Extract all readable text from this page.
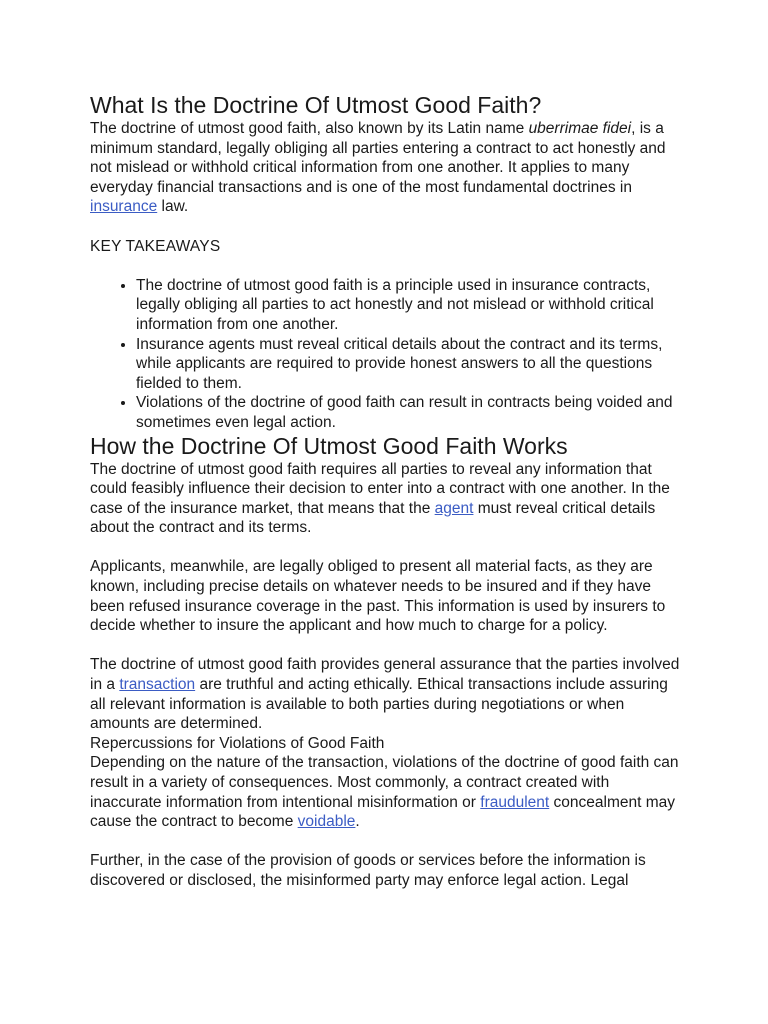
What Is the Doctrine Of Utmost Good Faith?

The doctrine of utmost good faith, also known by its Latin name uberrimae fidei, is a minimum standard, legally obliging all parties entering a contract to act honestly and not mislead or withhold critical information from one another. It applies to many everyday financial transactions and is one of the most fundamental doctrines in insurance law.

KEY TAKEAWAYS
• The doctrine of utmost good faith is a principle used in insurance contracts, legally obliging all parties to act honestly and not mislead or withhold critical information from one another.
• Insurance agents must reveal critical details about the contract and its terms, while applicants are required to provide honest answers to all the questions fielded to them.
• Violations of the doctrine of good faith can result in contracts being voided and sometimes even legal action.
How the Doctrine Of Utmost Good Faith Works

The doctrine of utmost good faith requires all parties to reveal any information that could feasibly influence their decision to enter into a contract with one another. In the case of the insurance market, that means that the agent must reveal critical details about the contract and its terms.

Applicants, meanwhile, are legally obliged to present all material facts, as they are known, including precise details on whatever needs to be insured and if they have been refused insurance coverage in the past. This information is used by insurers to decide whether to insure the applicant and how much to charge for a policy.

The doctrine of utmost good faith provides general assurance that the parties involved in a transaction are truthful and acting ethically. Ethical transactions include assuring all relevant information is available to both parties during negotiations or when amounts are determined.

Repercussions for Violations of Good Faith

Depending on the nature of the transaction, violations of the doctrine of good faith can result in a variety of consequences. Most commonly, a contract created with inaccurate information from intentional misinformation or fraudulent concealment may cause the contract to become voidable.

Further, in the case of the provision of goods or services before the information is discovered or disclosed, the misinformed party may enforce legal action. Legal
